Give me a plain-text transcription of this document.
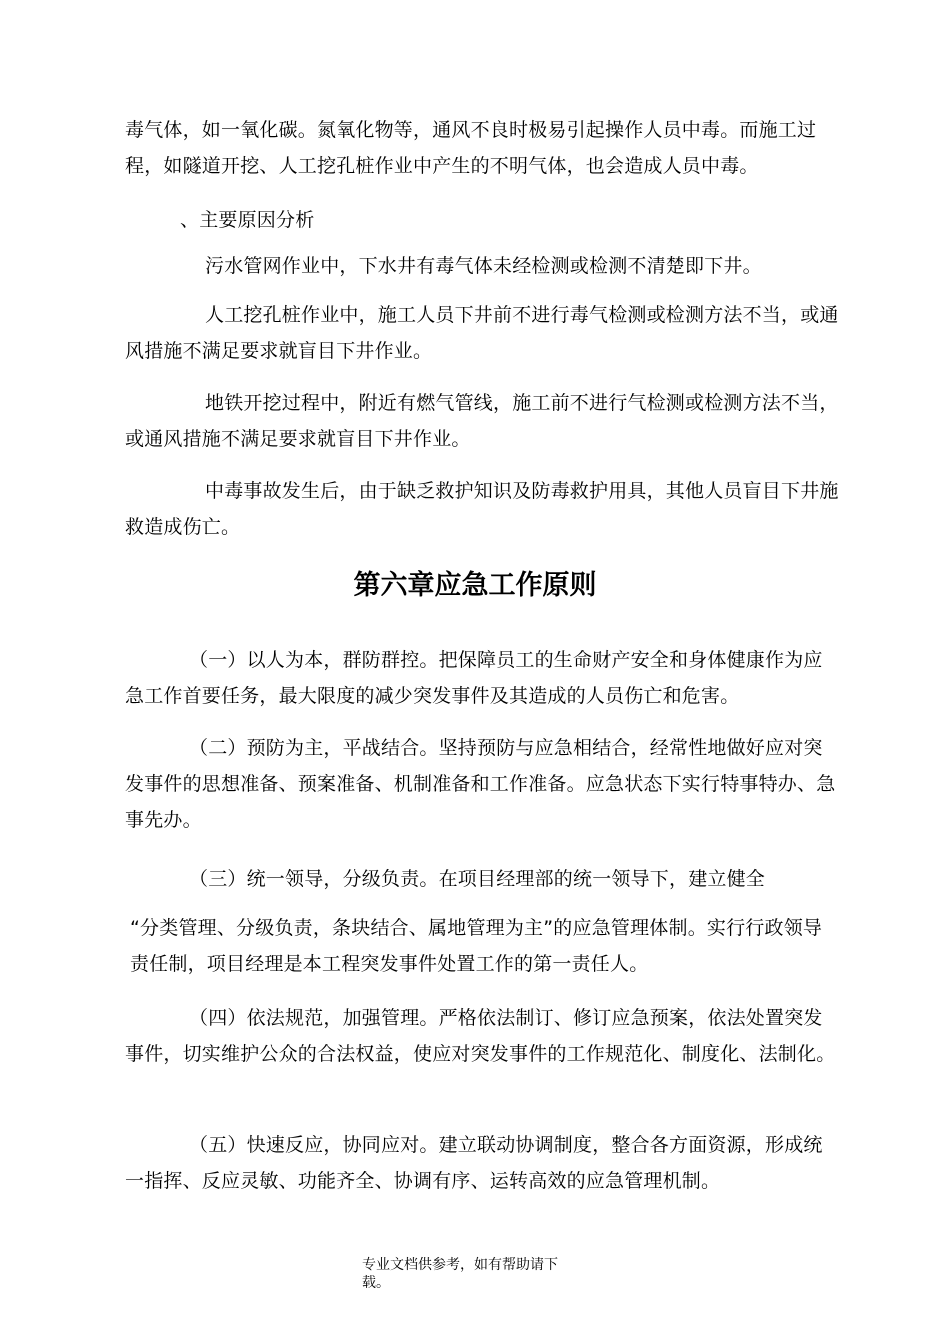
毒气体，如一氧化碳。氮氧化物等，通风不良时极易引起操作人员中毒。而施工过程，如隧道开挖、人工挖孔桩作业中产生的不明气体，也会造成人员中毒。

、主要原因分析

污水管网作业中，下水井有毒气体未经检测或检测不清楚即下井。

人工挖孔桩作业中，施工人员下井前不进行毒气检测或检测方法不当，或通风措施不满足要求就盲目下井作业。

地铁开挖过程中，附近有燃气管线，施工前不进行气检测或检测方法不当，或通风措施不满足要求就盲目下井作业。

中毒事故发生后，由于缺乏救护知识及防毒救护用具，其他人员盲目下井施救造成伤亡。

第六章应急工作原则

（一）以人为本，群防群控。把保障员工的生命财产安全和身体健康作为应急工作首要任务，最大限度的减少突发事件及其造成的人员伤亡和危害。

（二）预防为主，平战结合。坚持预防与应急相结合，经常性地做好应对突发事件的思想准备、预案准备、机制准备和工作准备。应急状态下实行特事特办、急事先办。

（三）统一领导，分级负责。在项目经理部的统一领导下，建立健全

“分类管理、分级负责，条块结合、属地管理为主”的应急管理体制。实行行政领导责任制，项目经理是本工程突发事件处置工作的第一责任人。

（四）依法规范，加强管理。严格依法制订、修订应急预案，依法处置突发事件，切实维护公众的合法权益，使应对突发事件的工作规范化、制度化、法制化。

（五）快速反应，协同应对。建立联动协调制度，整合各方面资源，形成统一指挥、反应灵敏、功能齐全、协调有序、运转高效的应急管理机制。

专业文档供参考，如有帮助请下
载。
